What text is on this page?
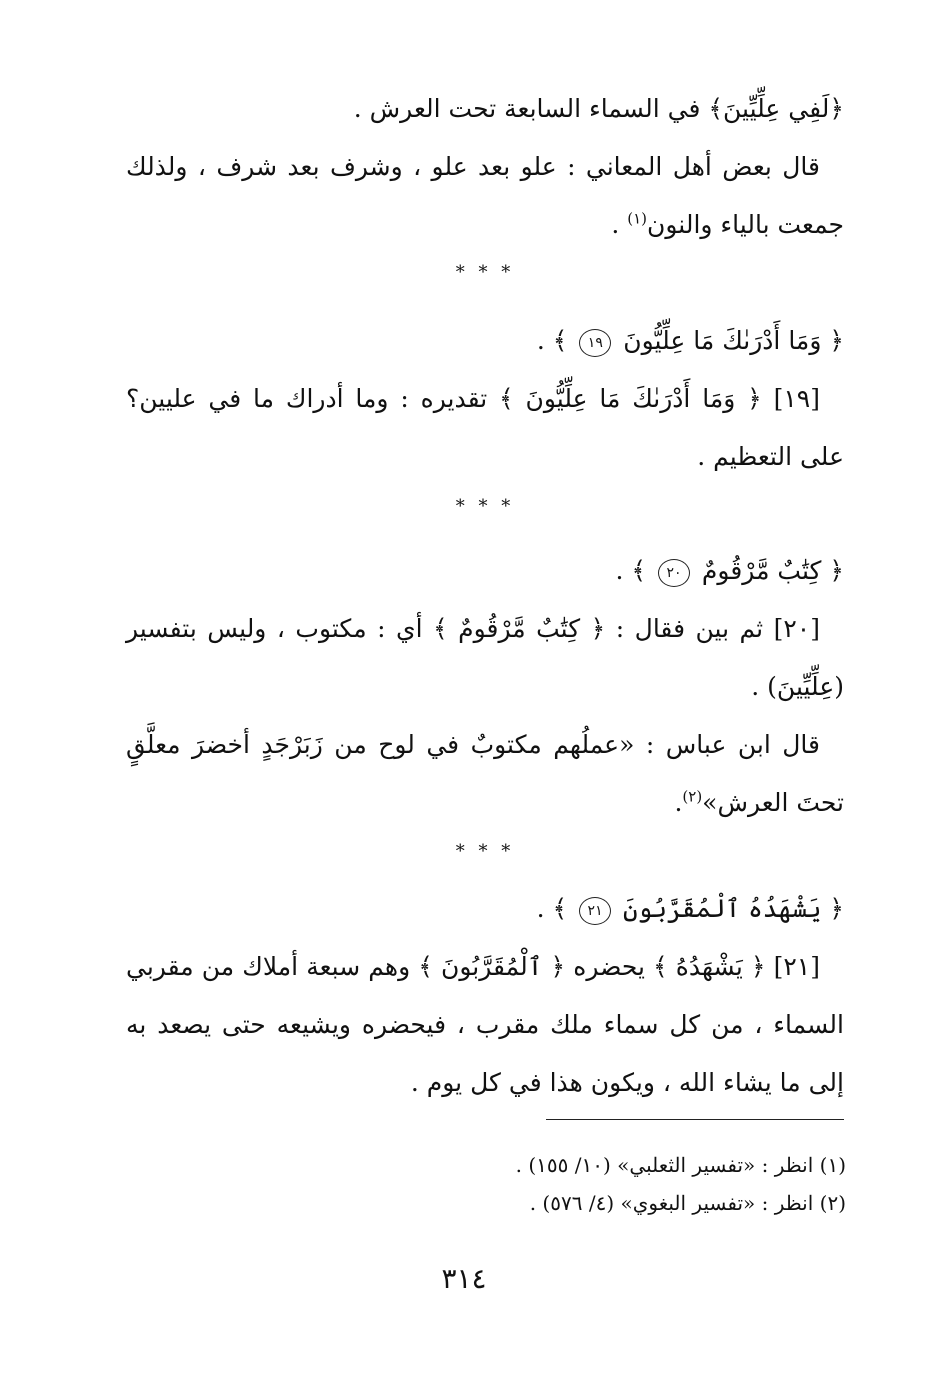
﴿لَفِي عِلِّيِّينَ﴾ في السماء السابعة تحت العرش .

قال بعض أهل المعاني : علو بعد علو ، وشرف بعد شرف ، ولذلك جمعت بالياء والنون$^{(١)}$ .

* * *

﴿ وَمَا أَدْرَىٰكَ مَا عِلِّيُّونَ ١٩ ﴾ .

[١٩] ﴿ وَمَا أَدْرَىٰكَ مَا عِلِّيُّونَ ﴾ تقديره : وما أدراك ما في عليين؟ على التعظيم .

* * *

﴿ كِتَٰبٌ مَّرْقُومٌ ٢٠ ﴾ .

[٢٠] ثم بين فقال : ﴿ كِتَٰبٌ مَّرْقُومٌ ﴾ أي : مكتوب ، وليس بتفسير (عِلِّيِّينَ) .

قال ابن عباس : «عملُهم مكتوبٌ في لوح من زَبَرْجَدٍ أخضرَ معلَّقٍ تحتَ العرش»$^{(٢)}$.

* * *

﴿ يَشْهَدُهُ ٱلْمُقَرَّبُونَ ٢١ ﴾ .

[٢١] ﴿ يَشْهَدُهُ ﴾ يحضره ﴿ ٱلْمُقَرَّبُونَ ﴾ وهم سبعة أملاك من مقربي السماء ، من كل سماء ملك مقرب ، فيحضره ويشيعه حتى يصعد به إلى ما يشاء الله ، ويكون هذا في كل يوم .

(١) انظر : «تفسير الثعلبي» (١٠/ ١٥٥) .

(٢) انظر : «تفسير البغوي» (٤/ ٥٧٦) .

٣١٤
